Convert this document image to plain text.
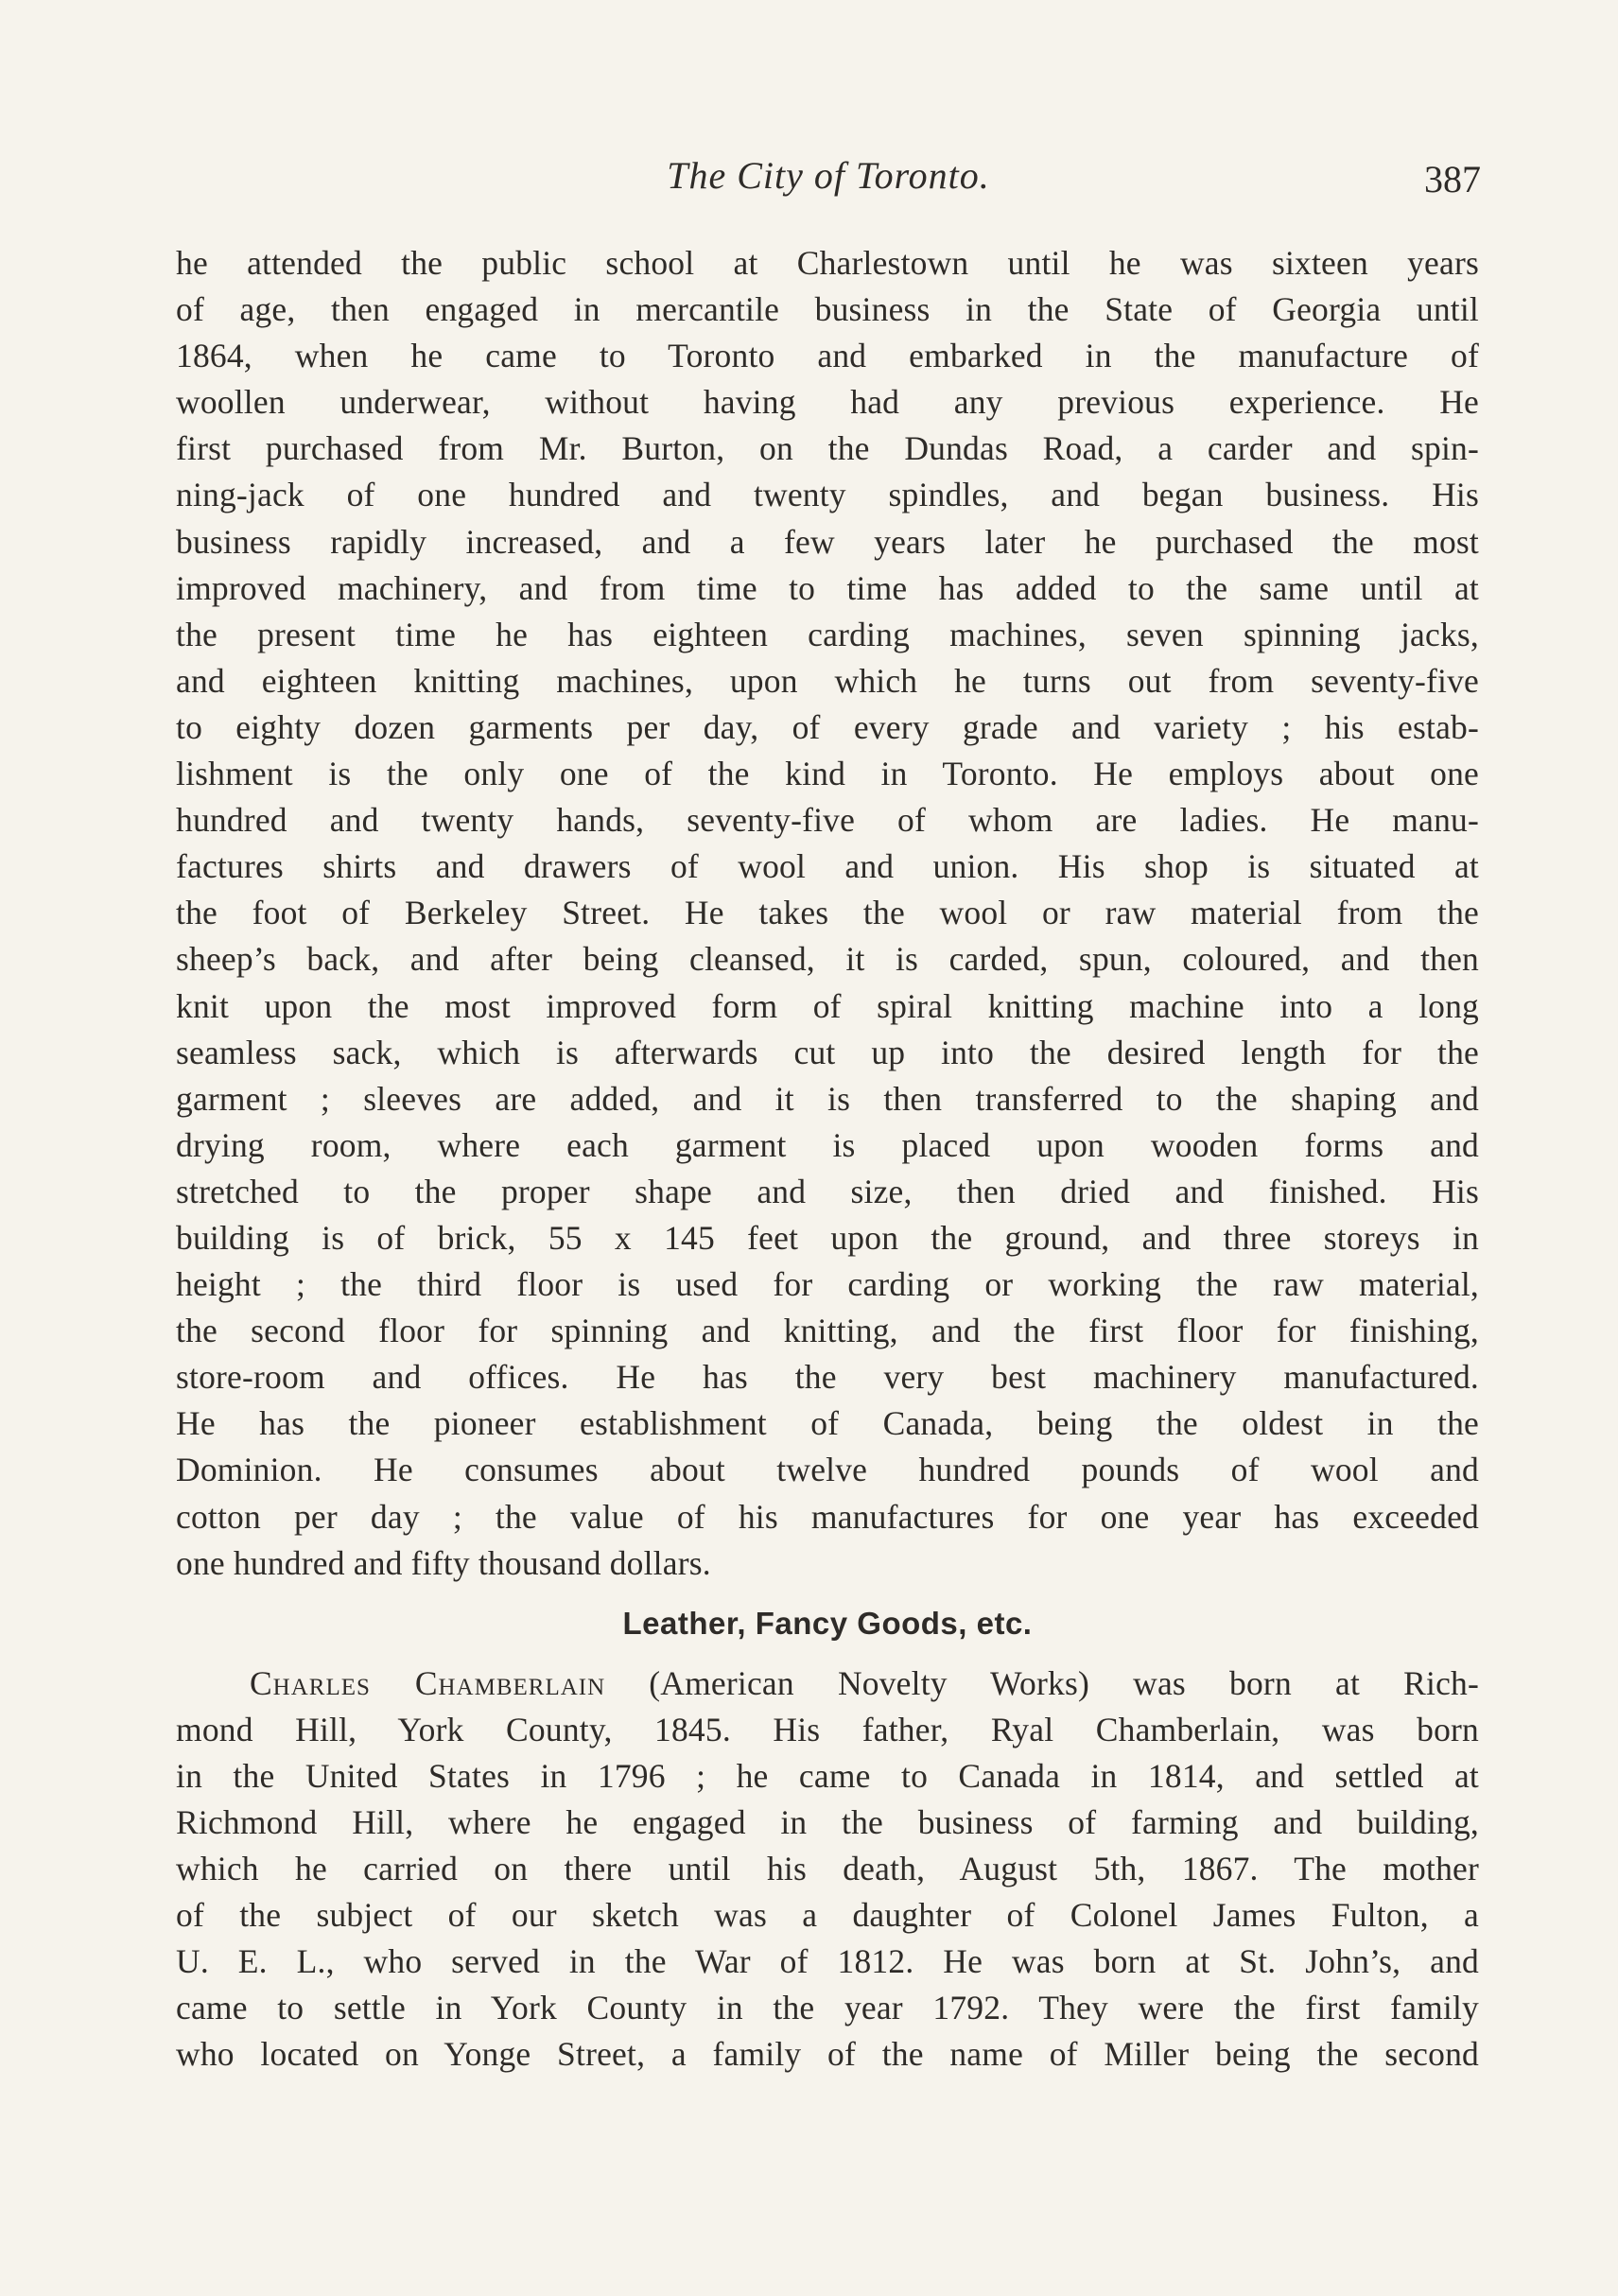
The City of Toronto.	387
he attended the public school at Charlestown until he was sixteen years
of age, then engaged in mercantile business in the State of Georgia until
1864, when he came to Toronto and embarked in the manufacture of
woollen underwear, without having had any previous experience. He
first purchased from Mr. Burton, on the Dundas Road, a carder and spin-
ning-jack of one hundred and twenty spindles, and began business. His
business rapidly increased, and a few years later he purchased the most
improved machinery, and from time to time has added to the same until at
the present time he has eighteen carding machines, seven spinning jacks,
and eighteen knitting machines, upon which he turns out from seventy-five
to eighty dozen garments per day, of every grade and variety ; his estab-
lishment is the only one of the kind in Toronto. He employs about one
hundred and twenty hands, seventy-five of whom are ladies. He manu-
factures shirts and drawers of wool and union. His shop is situated at
the foot of Berkeley Street. He takes the wool or raw material from the
sheep’s back, and after being cleansed, it is carded, spun, coloured, and then
knit upon the most improved form of spiral knitting machine into a long
seamless sack, which is afterwards cut up into the desired length for the
garment ; sleeves are added, and it is then transferred to the shaping and
drying room, where each garment is placed upon wooden forms and
stretched to the proper shape and size, then dried and finished. His
building is of brick, 55 x 145 feet upon the ground, and three storeys in
height ; the third floor is used for carding or working the raw material,
the second floor for spinning and knitting, and the first floor for finishing,
store-room and offices. He has the very best machinery manufactured.
He has the pioneer establishment of Canada, being the oldest in the
Dominion. He consumes about twelve hundred pounds of wool and
cotton per day ; the value of his manufactures for one year has exceeded
one hundred and fifty thousand dollars.
Leather, Fancy Goods, etc.
Charles Chamberlain (American Novelty Works) was born at Rich-
mond Hill, York County, 1845. His father, Ryal Chamberlain, was born
in the United States in 1796 ; he came to Canada in 1814, and settled at
Richmond Hill, where he engaged in the business of farming and building,
which he carried on there until his death, August 5th, 1867. The mother
of the subject of our sketch was a daughter of Colonel James Fulton, a
U. E. L., who served in the War of 1812. He was born at St. John’s, and
came to settle in York County in the year 1792. They were the first family
who located on Yonge Street, a family of the name of Miller being the second
